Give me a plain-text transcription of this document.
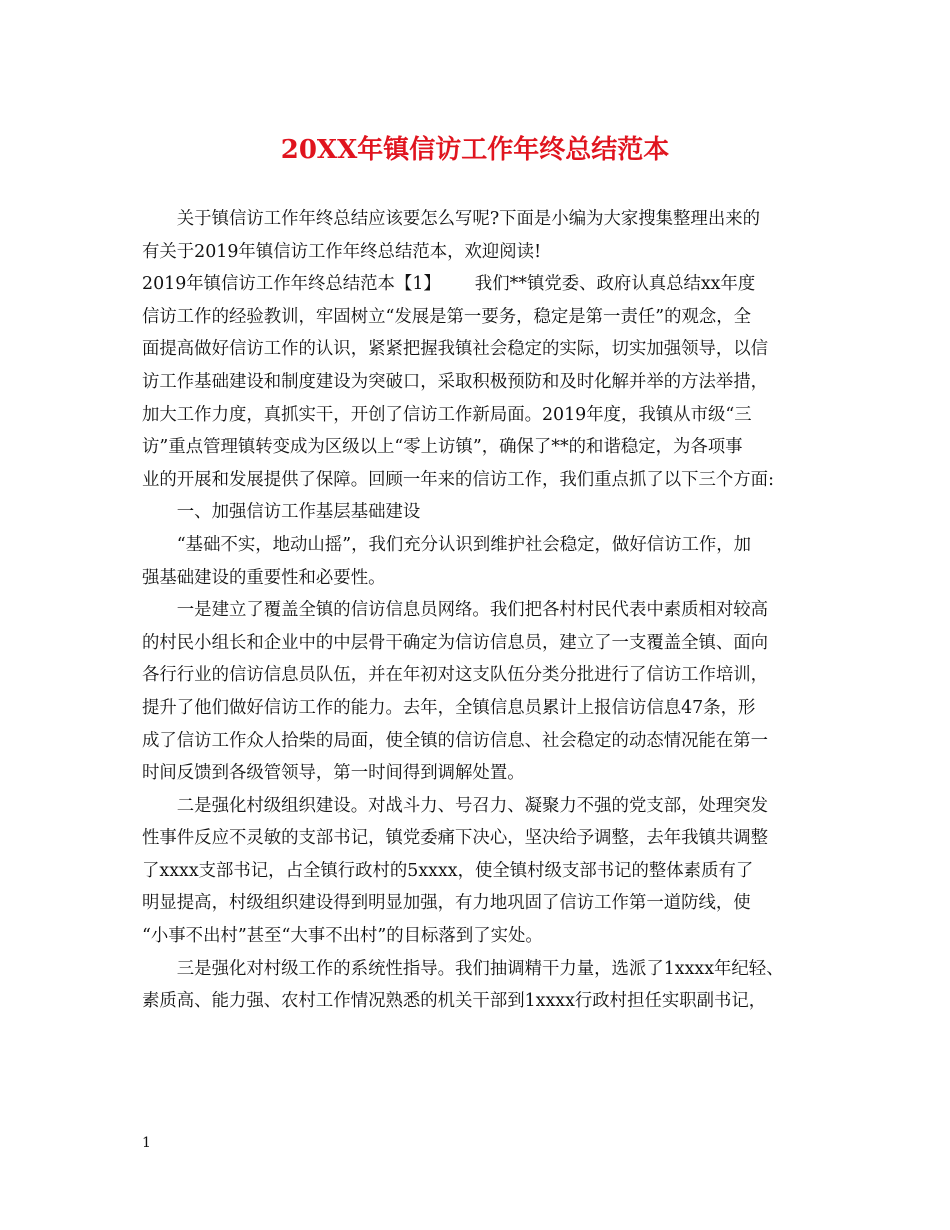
20XX年镇信访工作年终总结范本
　　关于镇信访工作年终总结应该要怎么写呢?下面是小编为大家搜集整理出来的
有关于2019年镇信访工作年终总结范本，欢迎阅读!
2019年镇信访工作年终总结范本【1】 我们**镇党委、政府认真总结xx年度
信访工作的经验教训，牢固树立“发展是第一要务，稳定是第一责任”的观念，全
面提高做好信访工作的认识，紧紧把握我镇社会稳定的实际，切实加强领导，以信
访工作基础建设和制度建设为突破口，采取积极预防和及时化解并举的方法举措，
加大工作力度，真抓实干，开创了信访工作新局面。2019年度，我镇从市级“三
访”重点管理镇转变成为区级以上“零上访镇”，确保了**的和谐稳定，为各项事
业的开展和发展提供了保障。回顾一年来的信访工作，我们重点抓了以下三个方面:
　　一、加强信访工作基层基础建设
　　“基础不实，地动山摇”，我们充分认识到维护社会稳定，做好信访工作，加
强基础建设的重要性和必要性。
　　一是建立了覆盖全镇的信访信息员网络。我们把各村村民代表中素质相对较高
的村民小组长和企业中的中层骨干确定为信访信息员，建立了一支覆盖全镇、面向
各行行业的信访信息员队伍，并在年初对这支队伍分类分批进行了信访工作培训，
提升了他们做好信访工作的能力。去年，全镇信息员累计上报信访信息47条，形
成了信访工作众人拾柴的局面，使全镇的信访信息、社会稳定的动态情况能在第一
时间反馈到各级管领导，第一时间得到调解处置。
　　二是强化村级组织建设。对战斗力、号召力、凝聚力不强的党支部，处理突发
性事件反应不灵敏的支部书记，镇党委痛下决心，坚决给予调整，去年我镇共调整
了xxxx支部书记，占全镇行政村的5xxxx，使全镇村级支部书记的整体素质有了
明显提高，村级组织建设得到明显加强，有力地巩固了信访工作第一道防线，使
“小事不出村”甚至“大事不出村”的目标落到了实处。
　　三是强化对村级工作的系统性指导。我们抽调精干力量，选派了1xxxx年纪轻、
素质高、能力强、农村工作情况熟悉的机关干部到1xxxx行政村担任实职副书记，
1
